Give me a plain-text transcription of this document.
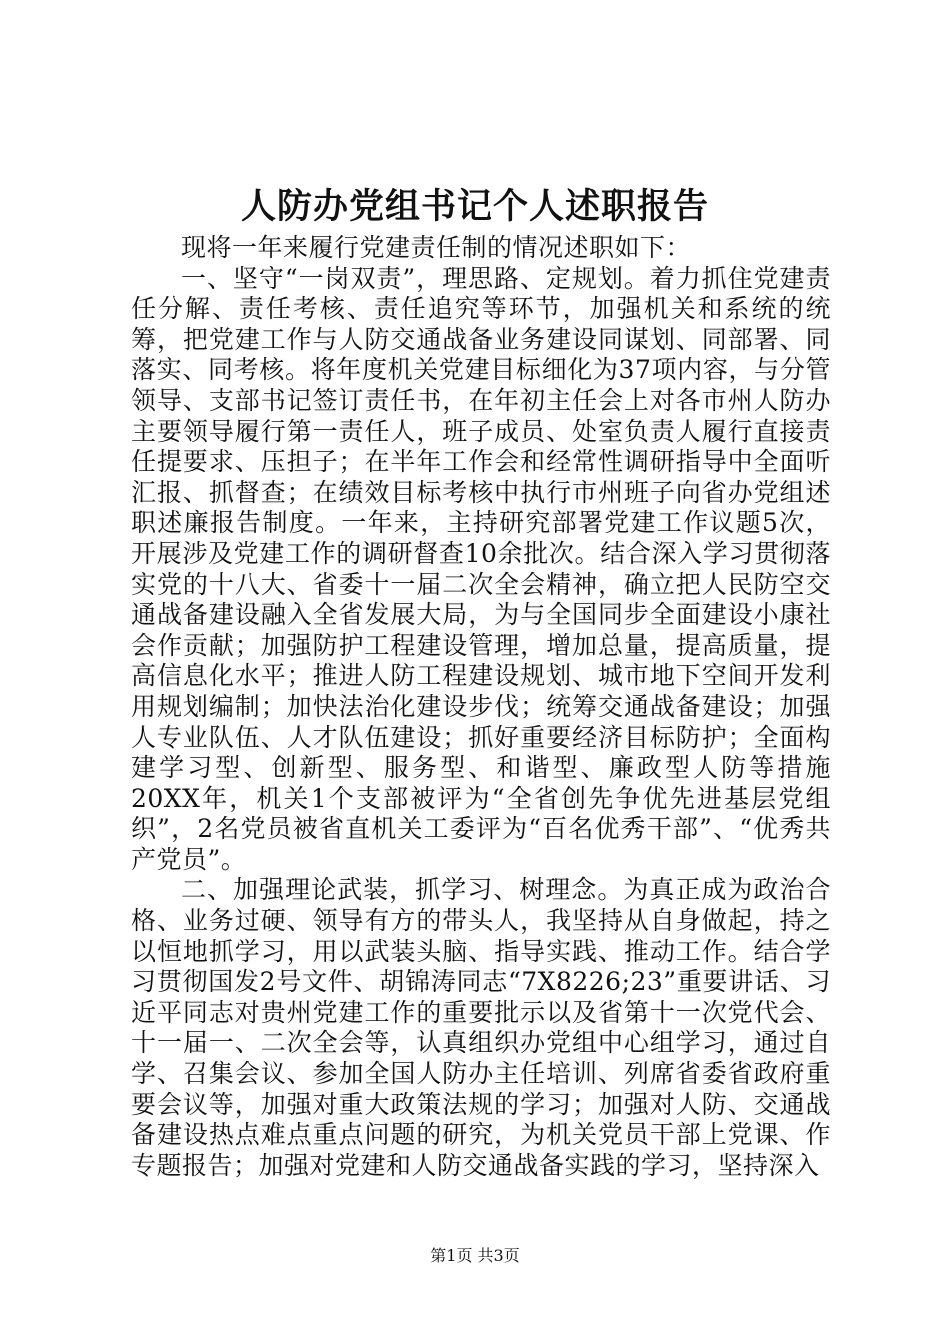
人防办党组书记个人述职报告

现将一年来履行党建责任制的情况述职如下：

一、坚守“一岗双责”，理思路、定规划。着力抓住党建责任分解、责任考核、责任追究等环节，加强机关和系统的统筹，把党建工作与人防交通战备业务建设同谋划、同部署、同落实、同考核。将年度机关党建目标细化为37项内容，与分管领导、支部书记签订责任书，在年初主任会上对各市州人防办主要领导履行第一责任人，班子成员、处室负责人履行直接责任提要求、压担子；在半年工作会和经常性调研指导中全面听汇报、抓督查；在绩效目标考核中执行市州班子向省办党组述职述廉报告制度。一年来，主持研究部署党建工作议题5次，开展涉及党建工作的调研督查10余批次。结合深入学习贯彻落实党的十八大、省委十一届二次全会精神，确立把人民防空交通战备建设融入全省发展大局，为与全国同步全面建设小康社会作贡献；加强防护工程建设管理，增加总量，提高质量，提高信息化水平；推进人防工程建设规划、城市地下空间开发利用规划编制；加快法治化建设步伐；统筹交通战备建设；加强人专业队伍、人才队伍建设；抓好重要经济目标防护；全面构建学习型、创新型、服务型、和谐型、廉政型人防等措施20XX年，机关1个支部被评为“全省创先争优先进基层党组织”，2名党员被省直机关工委评为“百名优秀干部”、“优秀共产党员”。

二、加强理论武装，抓学习、树理念。为真正成为政治合格、业务过硬、领导有方的带头人，我坚持从自身做起，持之以恒地抓学习，用以武装头脑、指导实践、推动工作。结合学习贯彻国发2号文件、胡锦涛同志“7X8226;23”重要讲话、习近平同志对贵州党建工作的重要批示以及省第十一次党代会、十一届一、二次全会等，认真组织办党组中心组学习，通过自学、召集会议、参加全国人防办主任培训、列席省委省政府重要会议等，加强对重大政策法规的学习；加强对人防、交通战备建设热点难点重点问题的研究，为机关党员干部上党课、作专题报告；加强对党建和人防交通战备实践的学习，坚持深入

第1页 共3页
